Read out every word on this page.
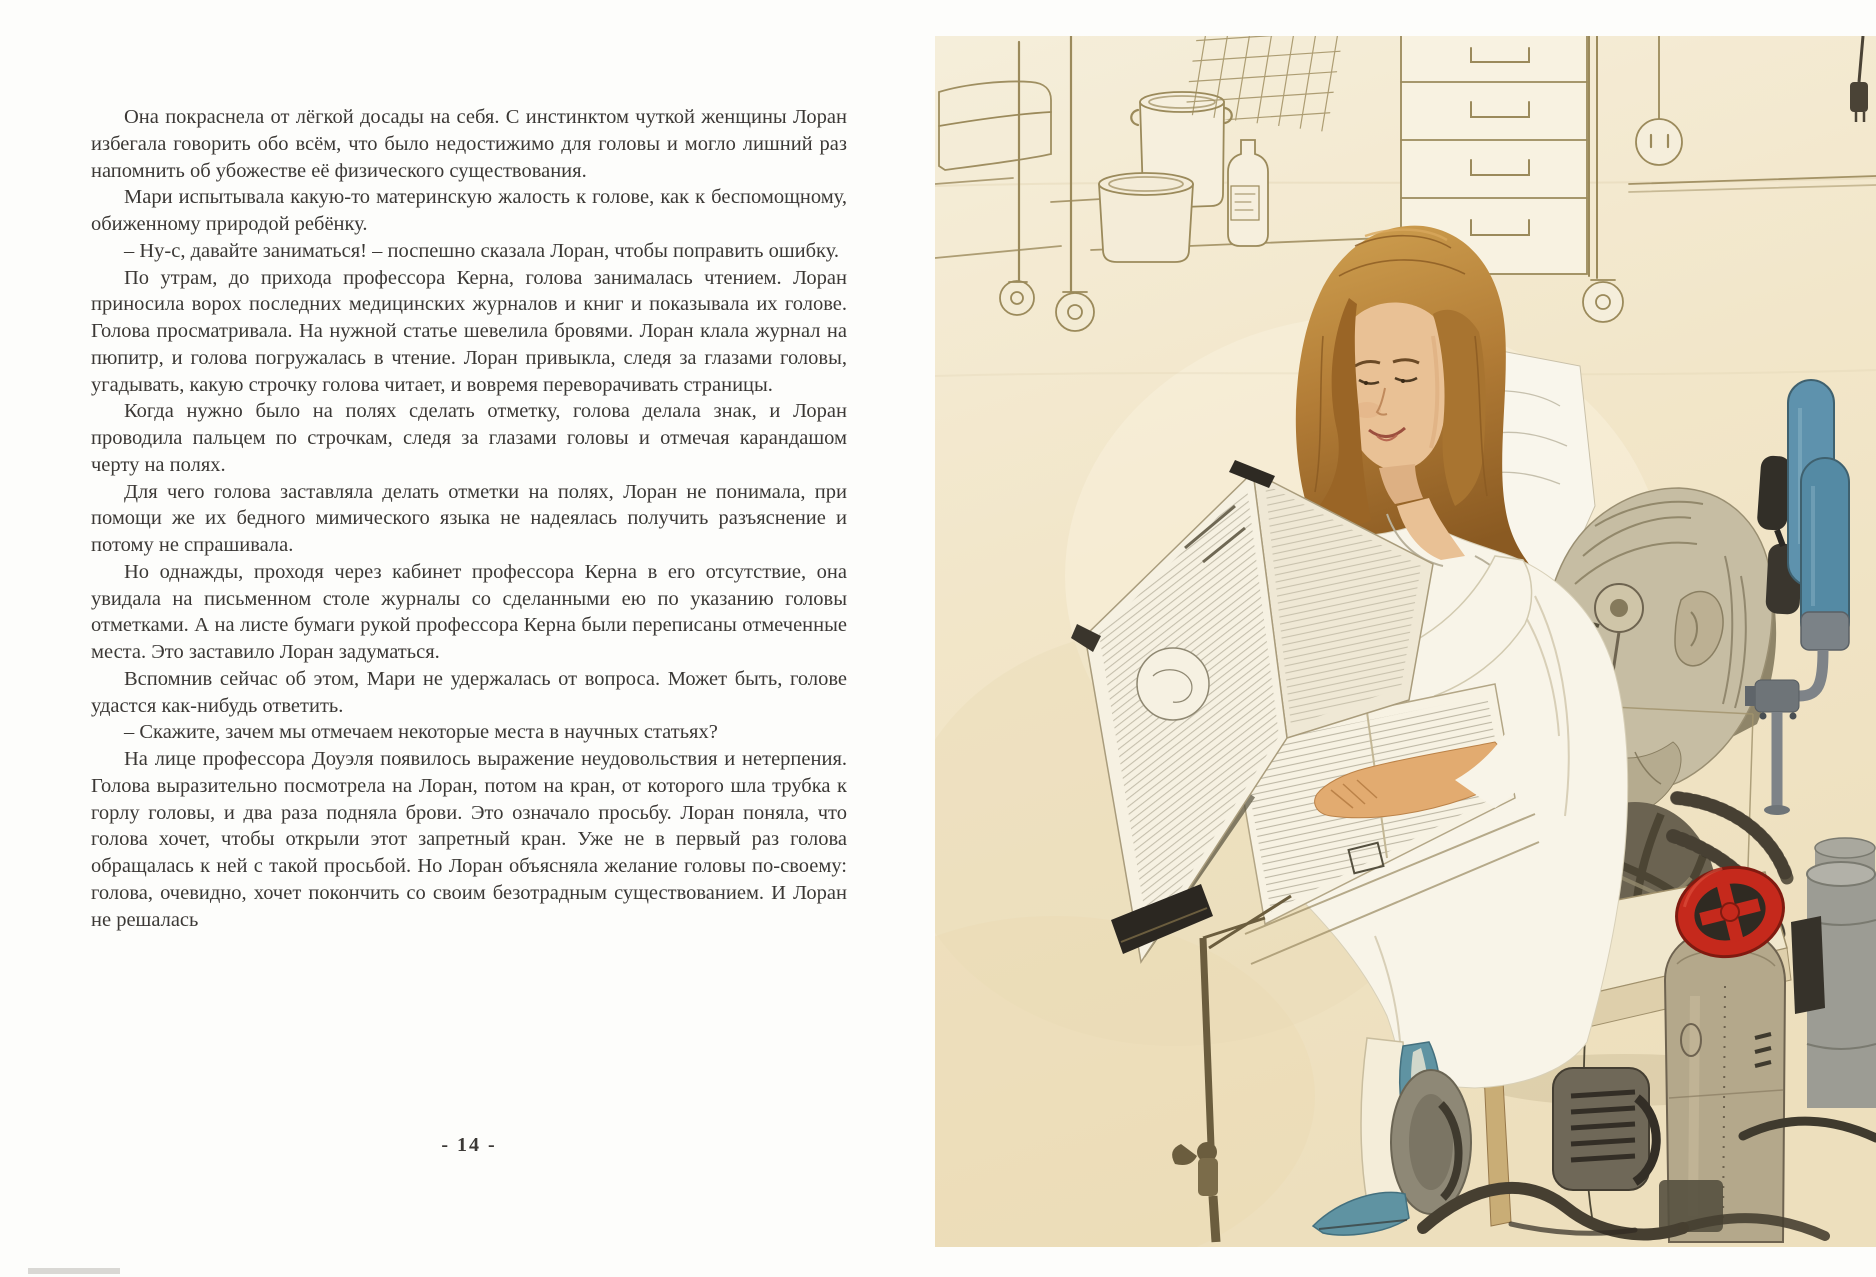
Она покраснела от лёгкой досады на себя. С инстинктом чуткой женщины Лоран избегала говорить обо всём, что было недостижимо для головы и могло лишний раз напомнить об убожестве её физического существования.

Мари испытывала какую-то материнскую жалость к голове, как к беспомощному, обиженному природой ребёнку.

– Ну-с, давайте заниматься! – поспешно сказала Лоран, чтобы поправить ошибку.

По утрам, до прихода профессора Керна, голова занималась чтением. Лоран приносила ворох последних медицинских журналов и книг и показывала их голове. Голова просматривала. На нужной статье шевелила бровями. Лоран клала журнал на пюпитр, и голова погружалась в чтение. Лоран привыкла, следя за глазами головы, угадывать, какую строчку голова читает, и вовремя переворачивать страницы.

Когда нужно было на полях сделать отметку, голова делала знак, и Лоран проводила пальцем по строчкам, следя за глазами головы и отмечая карандашом черту на полях.

Для чего голова заставляла делать отметки на полях, Лоран не понимала, при помощи же их бедного мимического языка не надеялась получить разъяснение и потому не спрашивала.

Но однажды, проходя через кабинет профессора Керна в его отсутствие, она увидала на письменном столе журналы со сделанными ею по указанию головы отметками. А на листе бумаги рукой профессора Керна были переписаны отмеченные места. Это заставило Лоран задуматься.

Вспомнив сейчас об этом, Мари не удержалась от вопроса. Может быть, голове удастся как-нибудь ответить.

– Скажите, зачем мы отмечаем некоторые места в научных статьях?

На лице профессора Доуэля появилось выражение неудовольствия и нетерпения. Голова выразительно посмотрела на Лоран, потом на кран, от которого шла трубка к горлу головы, и два раза подняла брови. Это означало просьбу. Лоран поняла, что голова хочет, чтобы открыли этот запретный кран. Уже не в первый раз голова обращалась к ней с такой просьбой. Но Лоран объясняла желание головы по-своему: голова, очевидно, хочет покончить со своим безотрадным существованием. И Лоран не решалась

- 14 -
